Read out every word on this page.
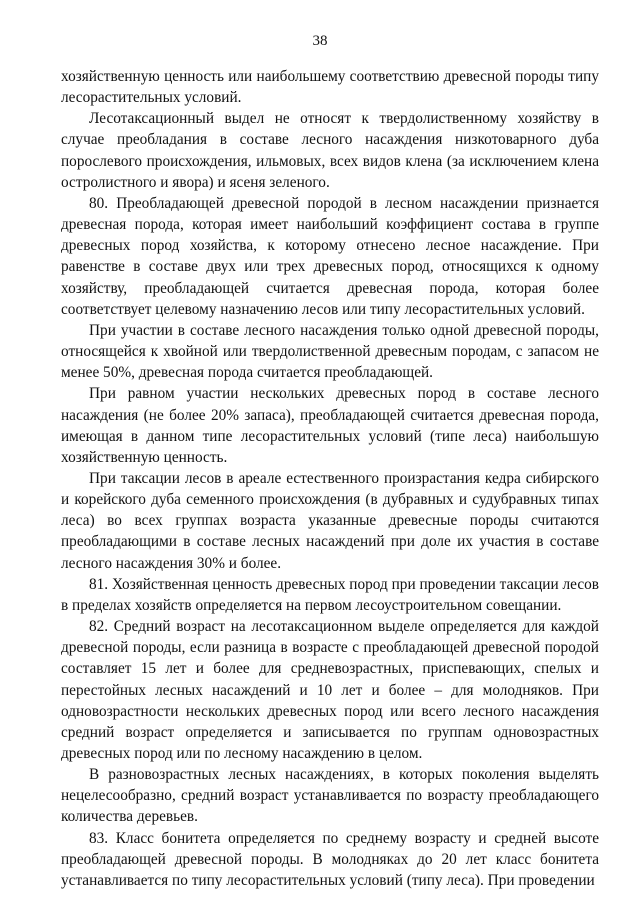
38

хозяйственную ценность или наибольшему соответствию древесной породы типу лесорастительных условий.

Лесотаксационный выдел не относят к твердолиственному хозяйству в случае преобладания в составе лесного насаждения низкотоварного дуба порослевого происхождения, ильмовых, всех видов клена (за исключением клена остролистного и явора) и ясеня зеленого.

80. Преобладающей древесной породой в лесном насаждении признается древесная порода, которая имеет наибольший коэффициент состава в группе древесных пород хозяйства, к которому отнесено лесное насаждение. При равенстве в составе двух или трех древесных пород, относящихся к одному хозяйству, преобладающей считается древесная порода, которая более соответствует целевому назначению лесов или типу лесорастительных условий.

При участии в составе лесного насаждения только одной древесной породы, относящейся к хвойной или твердолиственной древесным породам, с запасом не менее 50%, древесная порода считается преобладающей.

При равном участии нескольких древесных пород в составе лесного насаждения (не более 20% запаса), преобладающей считается древесная порода, имеющая в данном типе лесорастительных условий (типе леса) наибольшую хозяйственную ценность.

При таксации лесов в ареале естественного произрастания кедра сибирского и корейского дуба семенного происхождения (в дубравных и судубравных типах леса) во всех группах возраста указанные древесные породы считаются преобладающими в составе лесных насаждений при доле их участия в составе лесного насаждения 30% и более.

81. Хозяйственная ценность древесных пород при проведении таксации лесов в пределах хозяйств определяется на первом лесоустроительном совещании.

82. Средний возраст на лесотаксационном выделе определяется для каждой древесной породы, если разница в возрасте с преобладающей древесной породой составляет 15 лет и более для средневозрастных, приспевающих, спелых и перестойных лесных насаждений и 10 лет и более – для молодняков. При одновозрастности нескольких древесных пород или всего лесного насаждения средний возраст определяется и записывается по группам одновозрастных древесных пород или по лесному насаждению в целом.

В разновозрастных лесных насаждениях, в которых поколения выделять нецелесообразно, средний возраст устанавливается по возрасту преобладающего количества деревьев.

83. Класс бонитета определяется по среднему возрасту и средней высоте преобладающей древесной породы. В молодняках до 20 лет класс бонитета устанавливается по типу лесорастительных условий (типу леса). При проведении
